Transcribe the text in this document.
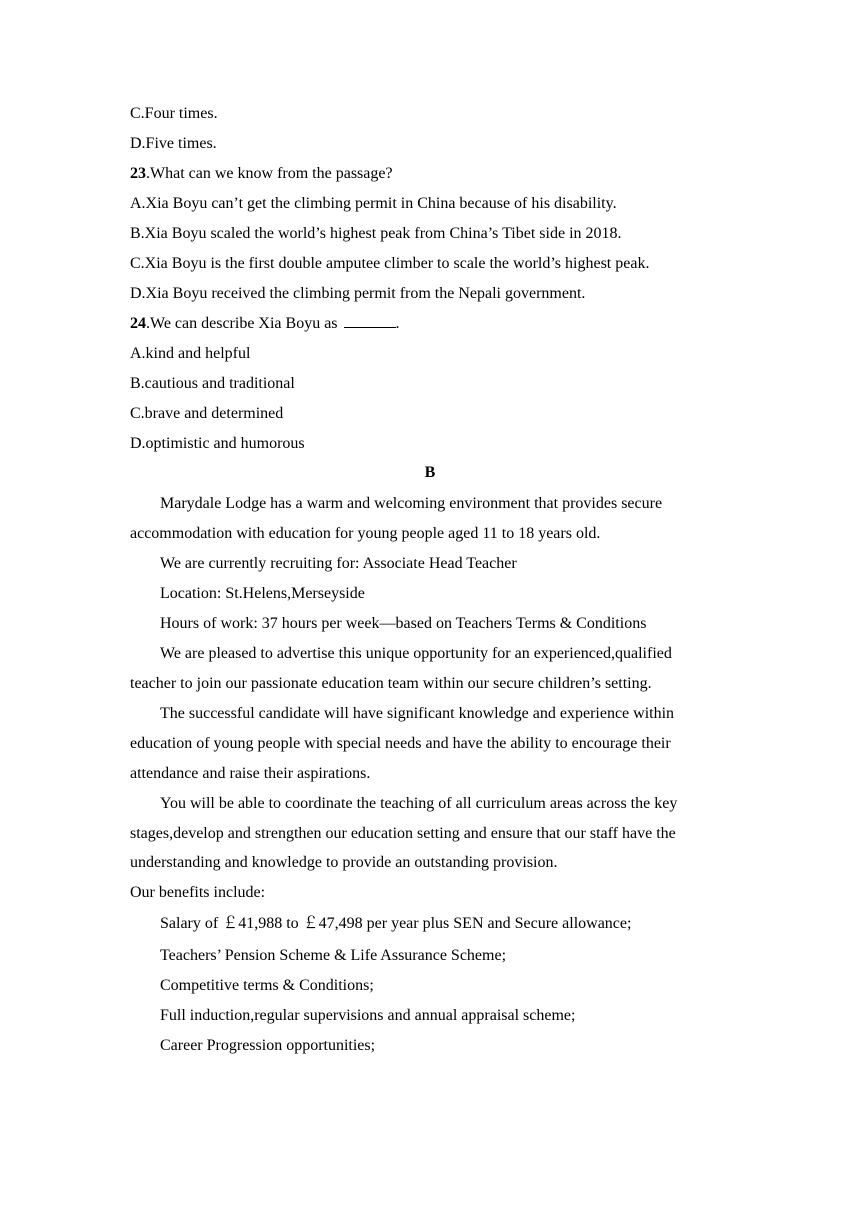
C.Four times.
D.Five times.
23.What can we know from the passage?
A.Xia Boyu can’t get the climbing permit in China because of his disability.
B.Xia Boyu scaled the world’s highest peak from China’s Tibet side in 2018.
C.Xia Boyu is the first double amputee climber to scale the world’s highest peak.
D.Xia Boyu received the climbing permit from the Nepali government.
24.We can describe Xia Boyu as	.
A.kind and helpful
B.cautious and traditional
C.brave and determined
D.optimistic and humorous
B
Marydale Lodge has a warm and welcoming environment that provides secure
accommodation with education for young people aged 11 to 18 years old.
We are currently recruiting for: Associate Head Teacher
Location: St.Helens,Merseyside
Hours of work: 37 hours per week—based on Teachers Terms & Conditions
We are pleased to advertise this unique opportunity for an experienced,qualified
teacher to join our passionate education team within our secure children’s setting.
The successful candidate will have significant knowledge and experience within
education of young people with special needs and have the ability to encourage their
attendance and raise their aspirations.
You will be able to coordinate the teaching of all curriculum areas across the key
stages,develop and strengthen our education setting and ensure that our staff have the
understanding and knowledge to provide an outstanding provision.
Our benefits include:
Salary of ￡41,988 to ￡47,498 per year plus SEN and Secure allowance;
Teachers’ Pension Scheme & Life Assurance Scheme;
Competitive terms & Conditions;
Full induction,regular supervisions and annual appraisal scheme;
Career Progression opportunities;
